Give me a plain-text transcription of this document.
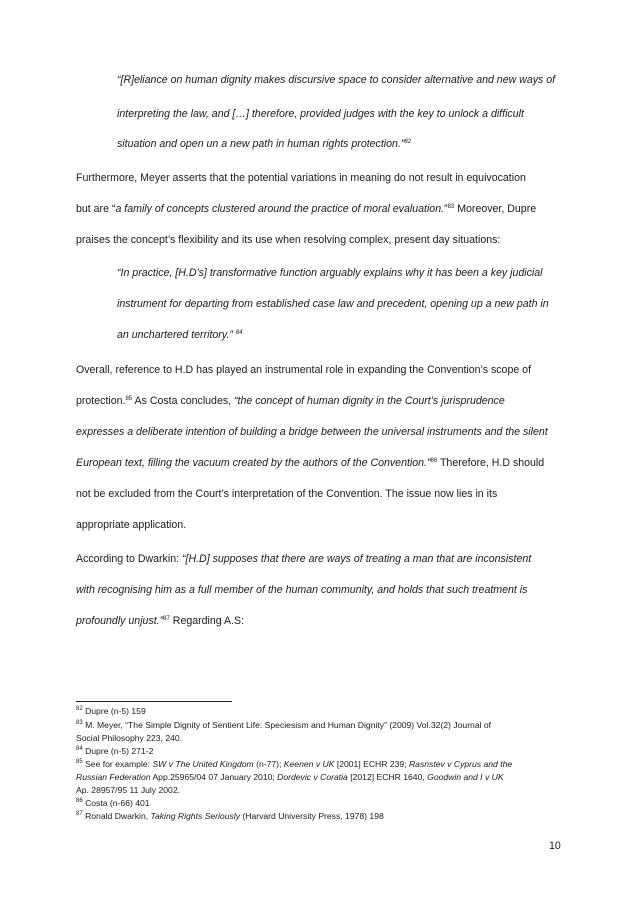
“[R]eliance on human dignity makes discursive space to consider alternative and new ways of
interpreting the law, and […] therefore, provided judges with the key to unlock a difficult
situation and open un a new path in human rights protection.”$^{82}$
Furthermore, Meyer asserts that the potential variations in meaning do not result in equivocation
but are “a family of concepts clustered around the practice of moral evaluation.”$^{83}$ Moreover, Dupre
praises the concept’s flexibility and its use when resolving complex, present day situations:
“In practice, [H.D’s] transformative function arguably explains why it has been a key judicial
instrument for departing from established case law and precedent, opening up a new path in
an unchartered territory.” $^{84}$
Overall, reference to H.D has played an instrumental role in expanding the Convention’s scope of
protection.$^{85}$ As Costa concludes, “the concept of human dignity in the Court’s jurisprudence
expresses a deliberate intention of building a bridge between the universal instruments and the silent
European text, filling the vacuum created by the authors of the Convention.”$^{86}$ Therefore, H.D should
not be excluded from the Court’s interpretation of the Convention. The issue now lies in its
appropriate application.
According to Dwarkin: “[H.D] supposes that there are ways of treating a man that are inconsistent
with recognising him as a full member of the human community, and holds that such treatment is
profoundly unjust.”$^{87}$ Regarding A.S:
$^{82}$ Dupre (n-5) 159
$^{83}$ M. Meyer, “The Simple Dignity of Sentient Life: Speciesism and Human Dignity” (2009) Vol.32(2) Journal of
Social Philosophy 223, 240.
$^{84}$ Dupre (n-5) 271-2
$^{85}$ See for example: SW v The United Kingdom (n-77); Keenen v UK [2001] ECHR 239; Rasnstev v Cyprus and the
Russian Federation App.25965/04 07 January 2010; Dordevic v Coratia [2012] ECHR 1640, Goodwin and I v UK
Ap. 28957/95 11 July 2002.
$^{86}$ Costa (n-66) 401
$^{87}$ Ronald Dwarkin, Taking Rights Seriously (Harvard University Press, 1978) 198
10
